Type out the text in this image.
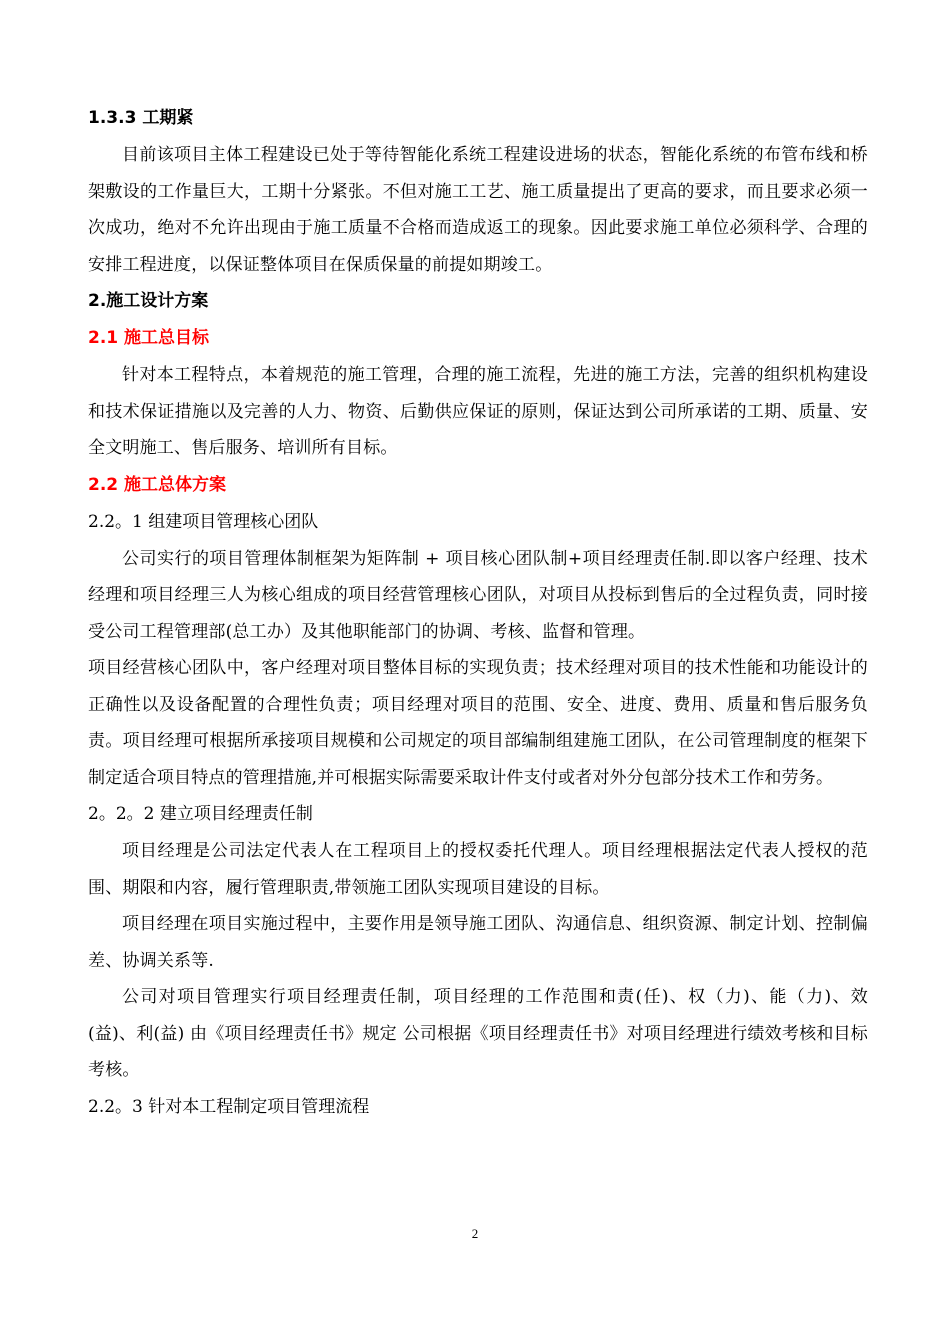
1.3.3 工期紧

目前该项目主体工程建设已处于等待智能化系统工程建设进场的状态，智能化系统的布管布线和桥架敷设的工作量巨大，工期十分紧张。不但对施工工艺、施工质量提出了更高的要求，而且要求必须一次成功，绝对不允许出现由于施工质量不合格而造成返工的现象。因此要求施工单位必须科学、合理的安排工程进度，以保证整体项目在保质保量的前提如期竣工。

2.施工设计方案

2.1 施工总目标

针对本工程特点，本着规范的施工管理，合理的施工流程，先进的施工方法，完善的组织机构建设和技术保证措施以及完善的人力、物资、后勤供应保证的原则，保证达到公司所承诺的工期、质量、安全文明施工、售后服务、培训所有目标。

2.2 施工总体方案

2.2。1 组建项目管理核心团队

公司实行的项目管理体制框架为矩阵制 + 项目核心团队制+项目经理责任制.即以客户经理、技术经理和项目经理三人为核心组成的项目经营管理核心团队，对项目从投标到售后的全过程负责，同时接受公司工程管理部(总工办）及其他职能部门的协调、考核、监督和管理。

项目经营核心团队中，客户经理对项目整体目标的实现负责；技术经理对项目的技术性能和功能设计的正确性以及设备配置的合理性负责；项目经理对项目的范围、安全、进度、费用、质量和售后服务负责。项目经理可根据所承接项目规模和公司规定的项目部编制组建施工团队，在公司管理制度的框架下制定适合项目特点的管理措施,并可根据实际需要采取计件支付或者对外分包部分技术工作和劳务。

2。2。2 建立项目经理责任制

项目经理是公司法定代表人在工程项目上的授权委托代理人。项目经理根据法定代表人授权的范围、期限和内容，履行管理职责,带领施工团队实现项目建设的目标。

项目经理在项目实施过程中，主要作用是领导施工团队、沟通信息、组织资源、制定计划、控制偏差、协调关系等.

公司对项目管理实行项目经理责任制，项目经理的工作范围和责(任)、权（力)、能（力)、效(益)、利(益) 由《项目经理责任书》规定 公司根据《项目经理责任书》对项目经理进行绩效考核和目标考核。

2.2。3 针对本工程制定项目管理流程

2
